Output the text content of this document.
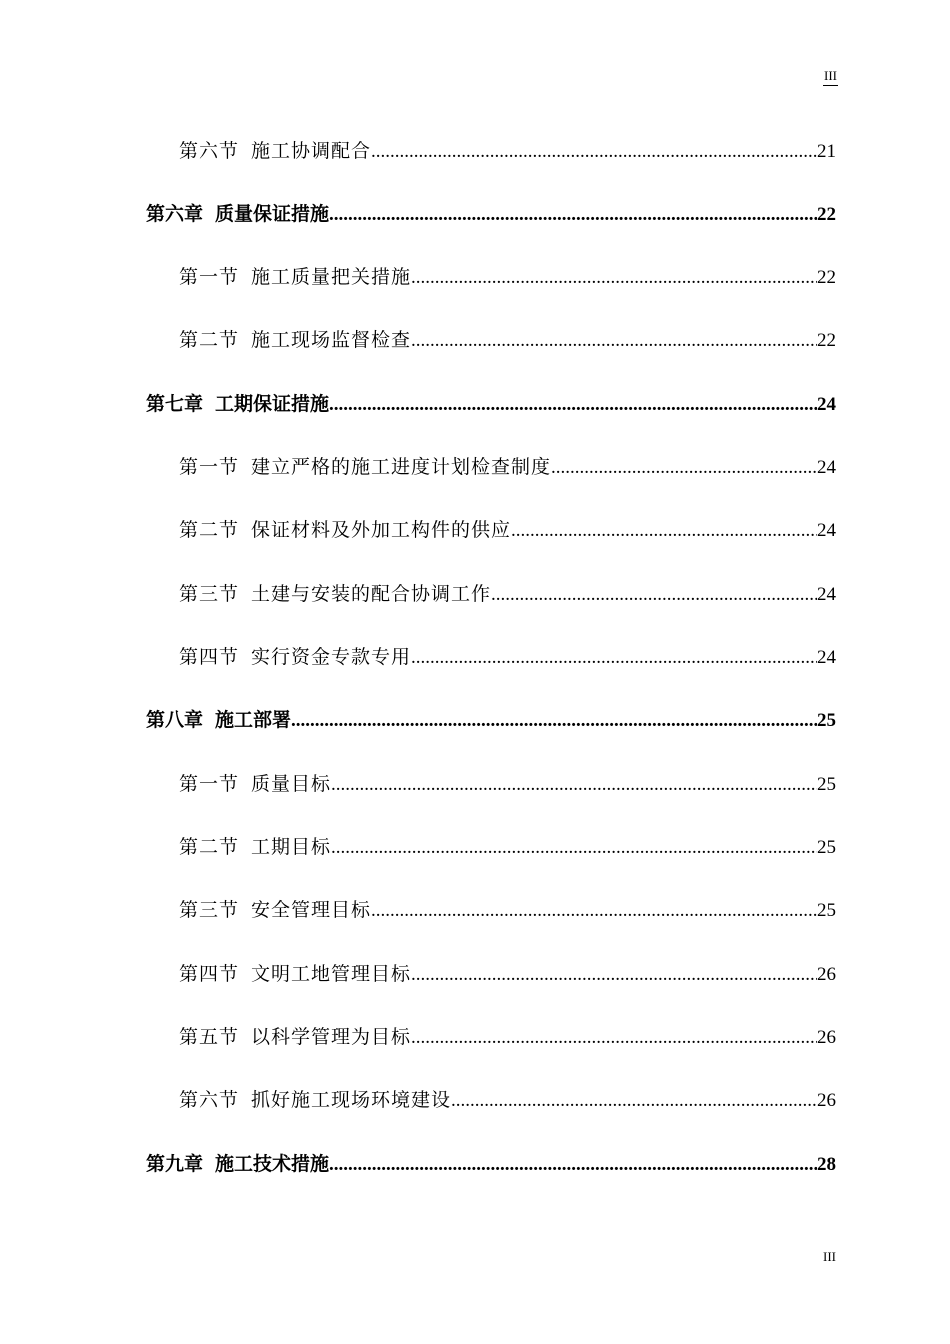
III
第六节 施工协调配合 .....	21
第六章 质量保证措施 .....	22
第一节 施工质量把关措施 .....	22
第二节 施工现场监督检查 .....	22
第七章 工期保证措施 .....	24
第一节 建立严格的施工进度计划检查制度 .....	24
第二节 保证材料及外加工构件的供应 .....	24
第三节 土建与安装的配合协调工作 .....	24
第四节 实行资金专款专用 .....	24
第八章 施工部署 .....	25
第一节 质量目标 .....	25
第二节 工期目标 .....	25
第三节 安全管理目标 .....	25
第四节 文明工地管理目标 .....	26
第五节 以科学管理为目标 .....	26
第六节 抓好施工现场环境建设 .....	26
第九章 施工技术措施 .....	28
III
